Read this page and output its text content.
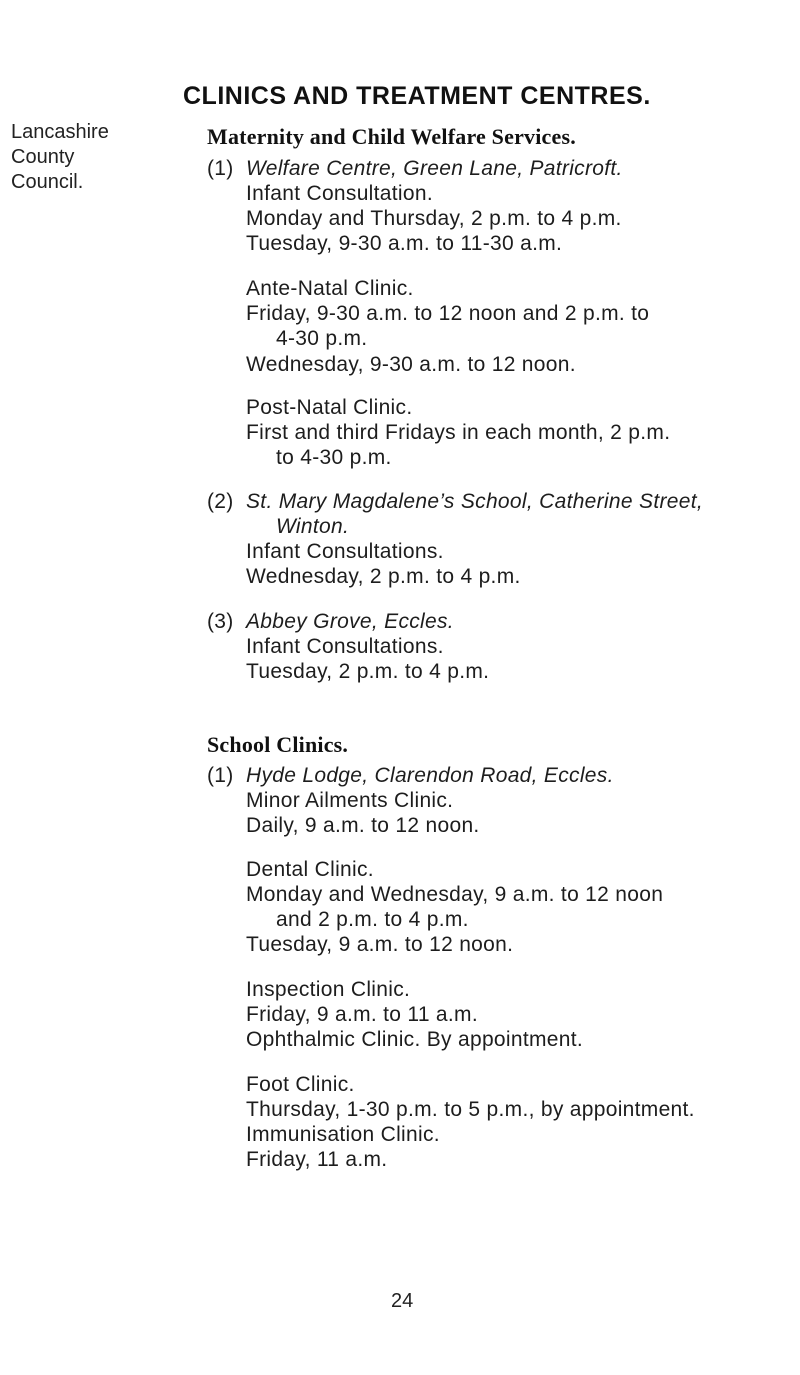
CLINICS AND TREATMENT CENTRES.
Lancashire
County
Council.
Maternity and Child Welfare Services.
(1) Welfare Centre, Green Lane, Patricroft.
Infant Consultation.
Monday and Thursday, 2 p.m. to 4 p.m.
Tuesday, 9-30 a.m. to 11-30 a.m.
Ante-Natal Clinic.
Friday, 9-30 a.m. to 12 noon and 2 p.m. to
4-30 p.m.
Wednesday, 9-30 a.m. to 12 noon.
Post-Natal Clinic.
First and third Fridays in each month, 2 p.m.
to 4-30 p.m.
(2) St. Mary Magdalene’s School, Catherine Street,
Winton.
Infant Consultations.
Wednesday, 2 p.m. to 4 p.m.
(3) Abbey Grove, Eccles.
Infant Consultations.
Tuesday, 2 p.m. to 4 p.m.
School Clinics.
(1) Hyde Lodge, Clarendon Road, Eccles.
Minor Ailments Clinic.
Daily, 9 a.m. to 12 noon.
Dental Clinic.
Monday and Wednesday, 9 a.m. to 12 noon
and 2 p.m. to 4 p.m.
Tuesday, 9 a.m. to 12 noon.
Inspection Clinic.
Friday, 9 a.m. to 11 a.m.
Ophthalmic Clinic. By appointment.
Foot Clinic.
Thursday, 1-30 p.m. to 5 p.m., by appointment.
Immunisation Clinic.
Friday, 11 a.m.
24
